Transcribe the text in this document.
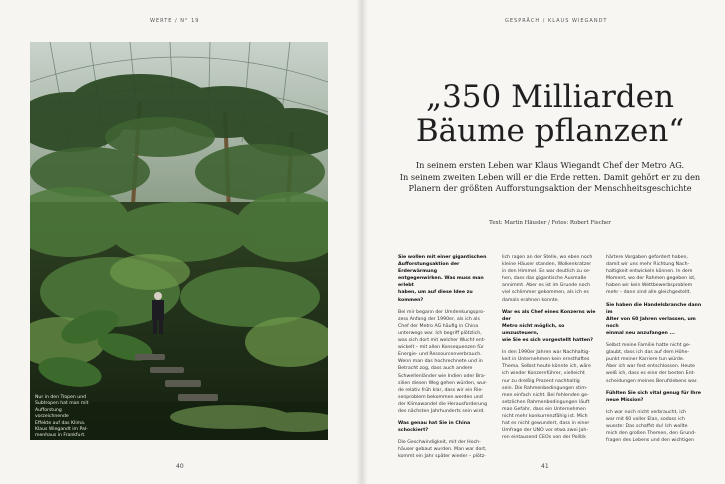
WERTE / N° 19
Nur in den Tropen und
Subtropen hat man mit
Aufforstung vorzeichnende
Effekte auf das Klima.
Klaus Wiegandt im Pal-
menhaus in Frankfurt.
40
GESPRÄCH / KLAUS WIEGANDT
„350 Milliarden
Bäume pflanzen“
In seinem ersten Leben war Klaus Wiegandt Chef der Metro AG.
In seinem zweiten Leben will er die Erde retten. Damit gehört er zu den
Planern der größten Aufforstungsaktion der Menschheitsgeschichte
Text: Martin Häusler / Fotos: Robert Fischer

Sie wollen mit einer gigantischen
Aufforstungsaktion der Erderwärmung
entgegenwirken. Was muss man erlebt
haben, um auf diese Idee zu kommen?

Bei mir begann der Umdenkungspro-
zess Anfang der 1990er, als ich als
Chef der Metro AG häufig in China
unterwegs war. Ich begriff plötzlich,
was sich dort mit welcher Wucht ent-
wickelt – mit allen Konsequenzen für
Energie- und Ressourcenverbrauch.
Wenn man das hochrechnete und in
Betracht zog, dass auch andere
Schwellenländer wie Indien oder Bra-
silien diesen Weg gehen würden, wur-
de relativ früh klar, dass wir ein Rie-
senproblem bekommen werden und
der Klimawandel die Herausforderung
des nächsten Jahrhunderts sein wird.

Was genau hat Sie in China schockiert?

Die Geschwindigkeit, mit der Hoch-
häuser gebaut wurden. Man war dort,
kommt ein Jahr später wieder – plötz-

lich ragen an der Stelle, wo eben noch
kleine Häuser standen, Wolkenkratzer
in den Himmel. Es war deutlich zu se-
hen, dass das gigantische Ausmaße
annimmt. Aber es ist im Grunde noch
viel schlimmer gekommen, als ich es
damals erahnen konnte.

War es als Chef eines Konzerns wie der
Metro nicht möglich, so umzusteuern,
wie Sie es sich vorgestellt hatten?

In den 1990er Jahren war Nachhaltig-
keit in Unternehmen kein ernsthaftes
Thema. Selbst heute könnte ich, wäre
ich wieder Konzernführer, vielleicht
nur zu dreißig Prozent nachhaltig
sein. Die Rahmenbedingungen stim-
men einfach nicht. Bei fehlenden ge-
setzlichen Rahmenbedingungen läuft
man Gefahr, dass ein Unternehmen
nicht mehr konkurrenzfähig ist. Mich
hat es nicht gewundert, dass in einer
Umfrage der UNO vor etwa zwei Jah-
ren eintausend CEOs von der Politik

härtere Vorgaben gefordert haben,
damit wir uns mehr Richtung Nach-
haltigkeit entwickeln können. In dem
Moment, wo der Rahmen gegeben ist,
haben wir kein Wettbewerbsproblem
mehr – dann sind alle gleichgestellt.

Sie haben die Handelsbranche dann im
Alter von 60 Jahren verlassen, um noch
einmal neu anzufangen ...

Selbst meine Familie hatte nicht ge-
glaubt, dass ich das auf dem Höhe-
punkt meiner Karriere tun würde.
Aber ich war fest entschlossen. Heute
weiß ich, dass es eine der besten Ent-
scheidungen meines Berufslebens war.

Fühlten Sie sich vital genug für Ihre
neue Mission?

Ich war noch nicht verbraucht, ich
war mit 60 voller Elan, sodass ich
wusste: Das schaffst du! Ich wollte
mich den großen Themen, den Grund-
fragen des Lebens und den wichtigen

41
